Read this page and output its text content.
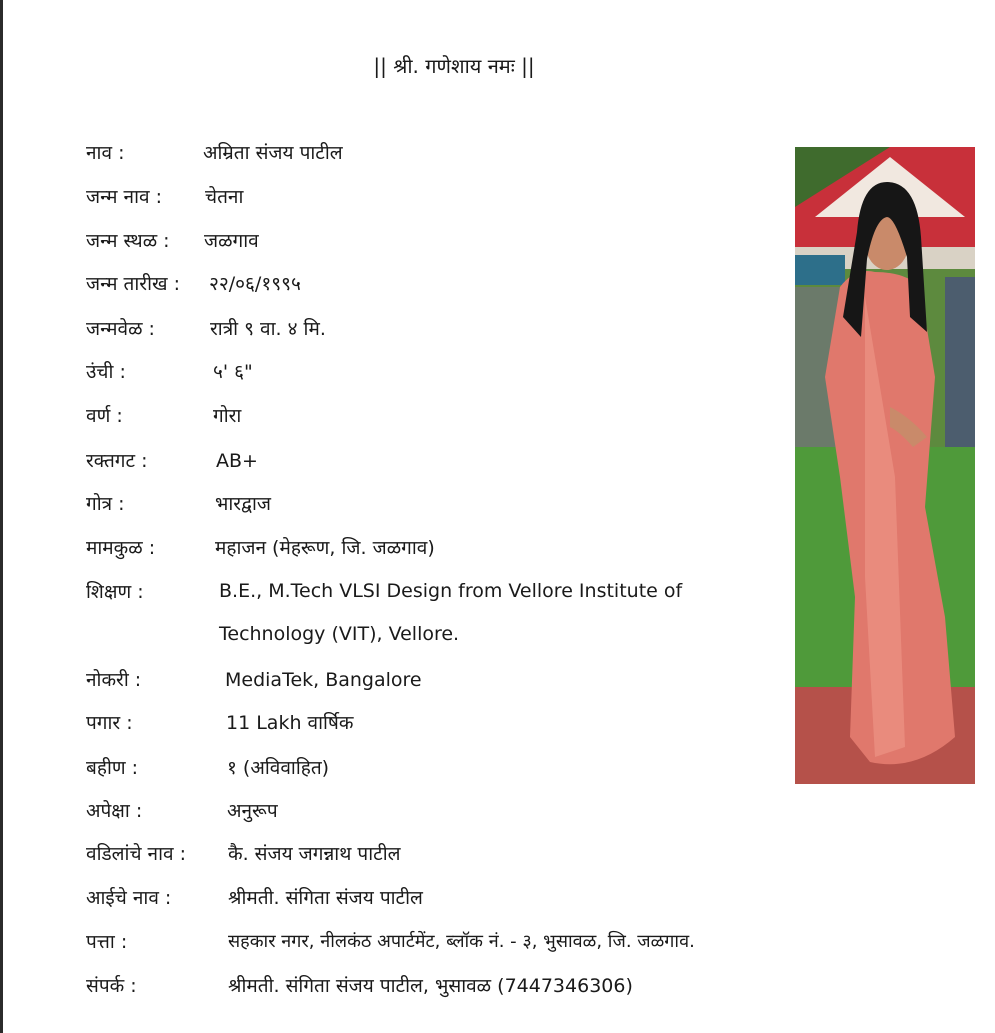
|| श्री. गणेशाय नमः ||
नाव :	अम्रिता संजय पाटील
जन्म नाव : चेतना
जन्म स्थळ : जळगाव
जन्म तारीख : २२/०६/१९९५
जन्मवेळ :	रात्री ९ वा. ४ मि.
उंची :	५' ६"
वर्ण :	गोरा
रक्तगट :	AB+
गोत्र :	भारद्वाज
मामकुळ :	महाजन (मेहरूण, जि. जळगाव)
शिक्षण :	B.E., M.Tech VLSI Design from Vellore Institute of Technology (VIT), Vellore.
नोकरी :	MediaTek, Bangalore
पगार :	11 Lakh वार्षिक
बहीण :	१ (अविवाहित)
अपेक्षा :	अनुरूप
वडिलांचे नाव : कै. संजय जगन्नाथ पाटील
आईचे नाव :	श्रीमती. संगिता संजय पाटील
पत्ता :	सहकार नगर, नीलकंठ अपार्टमेंट, ब्लॉक नं. - ३, भुसावळ, जि. जळगाव.
संपर्क :	श्रीमती. संगिता संजय पाटील, भुसावळ (7447346306)
